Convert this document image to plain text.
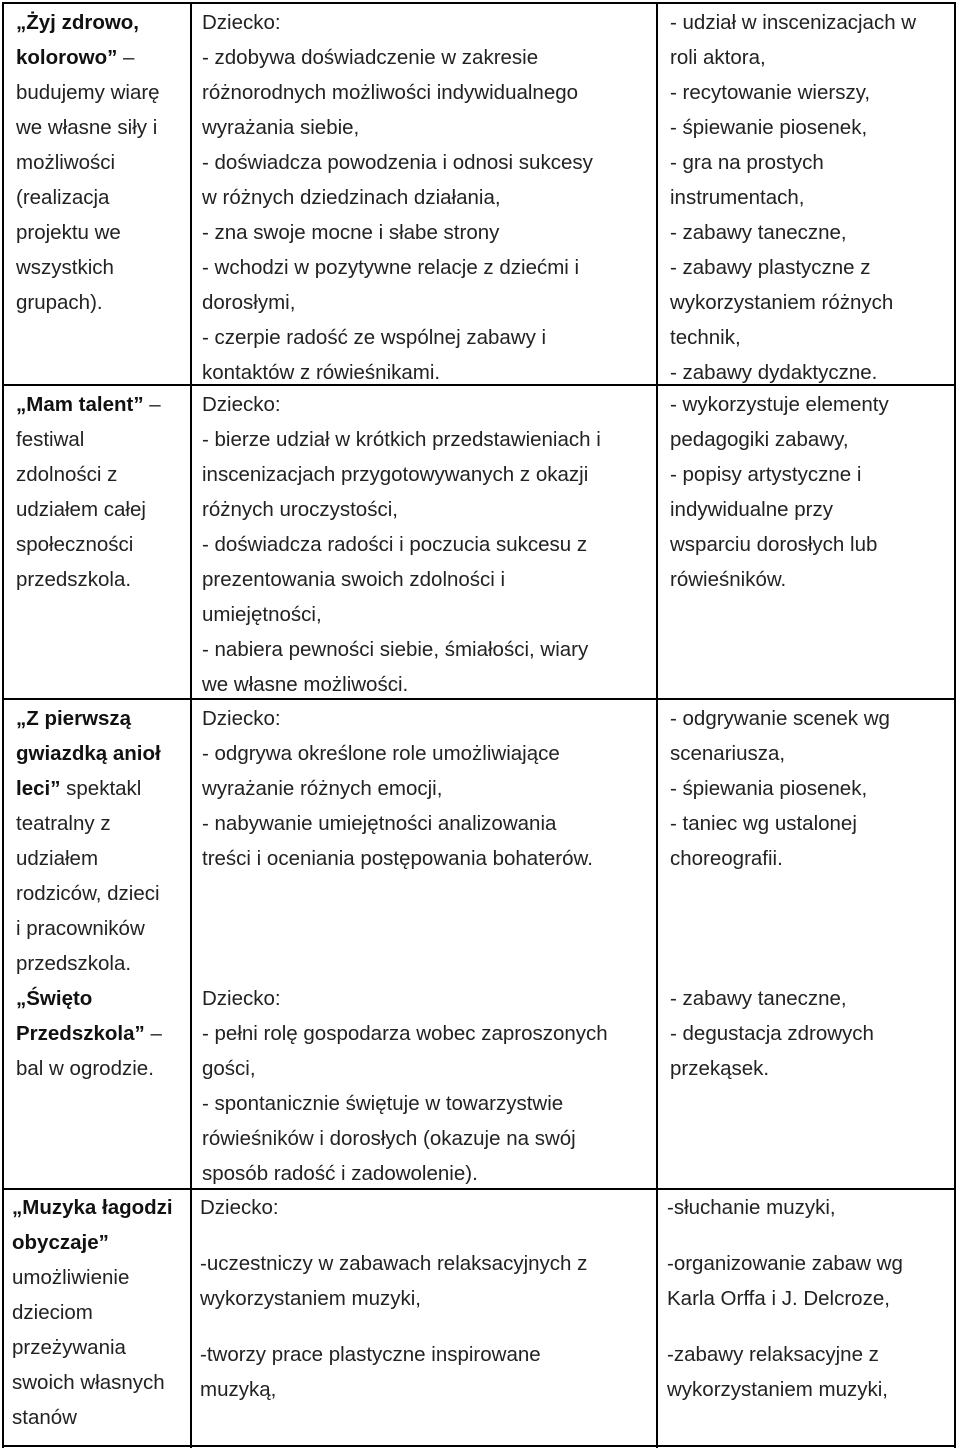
„Żyj zdrowo,
kolorowo” –
budujemy wiarę
we własne siły i
możliwości
(realizacja
projektu we
wszystkich
grupach).
Dziecko:
- zdobywa doświadczenie w zakresie
różnorodnych możliwości indywidualnego
wyrażania siebie,
- doświadcza powodzenia i odnosi sukcesy
w różnych dziedzinach działania,
- zna swoje mocne i słabe strony
- wchodzi w pozytywne relacje z dziećmi i
dorosłymi,
- czerpie radość ze wspólnej zabawy i
kontaktów z rówieśnikami.
- udział w inscenizacjach w
roli aktora,
- recytowanie wierszy,
- śpiewanie piosenek,
- gra na prostych
instrumentach,
- zabawy taneczne,
- zabawy plastyczne z
wykorzystaniem różnych
technik,
- zabawy dydaktyczne.
„Mam talent” –
festiwal
zdolności z
udziałem całej
społeczności
przedszkola.
Dziecko:
- bierze udział w krótkich przedstawieniach i
inscenizacjach przygotowywanych z okazji
różnych uroczystości,
- doświadcza radości i poczucia sukcesu z
prezentowania swoich zdolności i
umiejętności,
- nabiera pewności siebie, śmiałości, wiary
we własne możliwości.
- wykorzystuje elementy
pedagogiki zabawy,
- popisy artystyczne i
indywidualne przy
wsparciu dorosłych lub
rówieśników.
„Z pierwszą
gwiazdką anioł
leci” spektakl
teatralny z
udziałem
rodziców, dzieci
i pracowników
przedszkola.
„Święto
Przedszkola” –
bal w ogrodzie.
Dziecko:
- odgrywa określone role umożliwiające
wyrażanie różnych emocji,
- nabywanie umiejętności analizowania
treści i oceniania postępowania bohaterów.
Dziecko:
- pełni rolę gospodarza wobec zaproszonych
gości,
- spontanicznie świętuje w towarzystwie
rówieśników i dorosłych (okazuje na swój
sposób radość i zadowolenie).
- odgrywanie scenek wg
scenariusza,
- śpiewania piosenek,
- taniec wg ustalonej
choreografii.
- zabawy taneczne,
- degustacja zdrowych
przekąsek.
„Muzyka łagodzi
obyczaje”
umożliwienie
dzieciom
przeżywania
swoich własnych
stanów
Dziecko:
-uczestniczy w zabawach relaksacyjnych z
wykorzystaniem muzyki,
-tworzy prace plastyczne inspirowane
muzyką,
-słuchanie muzyki,
-organizowanie zabaw wg
Karla Orffa i J. Delcroze,
-zabawy relaksacyjne z
wykorzystaniem muzyki,
